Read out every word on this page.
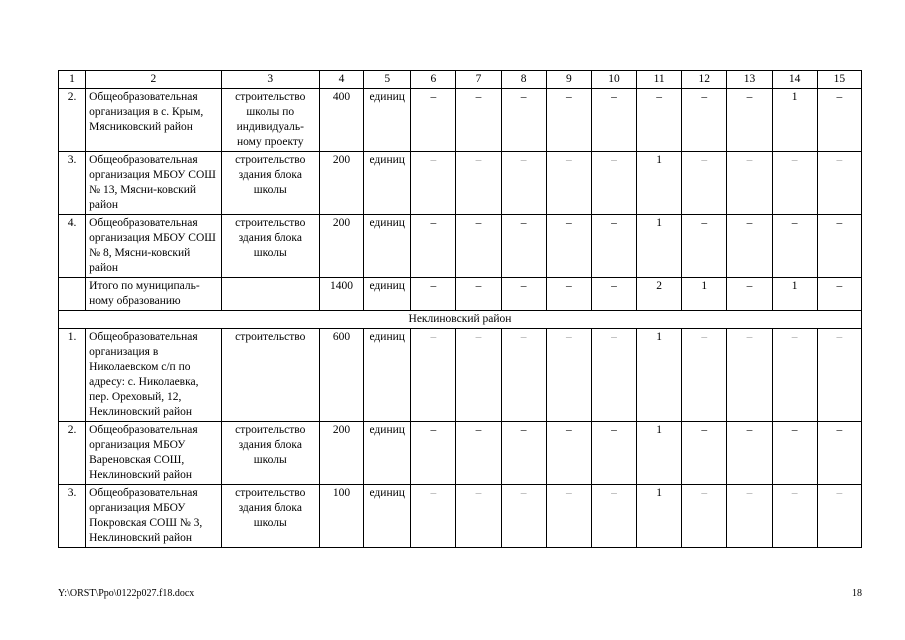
1	2	3	4	5	6	7	8	9	10	11	12	13	14	15
2.	Общеобразовательная организация в с. Крым, Мясниковский район	строительство школы по индивидуаль-ному проекту	400	единиц	–	–	–	–	–	–	–	–	1	–
3.	Общеобразовательная организация МБОУ СОШ № 13, Мясни-ковский район	строительство здания блока школы	200	единиц	–	–	–	–	–	1	–	–	–	–
4.	Общеобразовательная организация МБОУ СОШ № 8, Мясни-ковский район	строительство здания блока школы	200	единиц	–	–	–	–	–	1	–	–	–	–
	Итого по муниципаль-ному образованию		1400	единиц	–	–	–	–	–	2	1	–	1	–
Неклиновский район														
1.	Общеобразовательная организация в Николаевском с/п по адресу: с. Николаевка, пер. Ореховый, 12, Неклиновский район	строительство	600	единиц	–	–	–	–	–	1	–	–	–	–
2.	Общеобразовательная организация МБОУ Вареновская СОШ, Неклиновский район	строительство здания блока школы	200	единиц	–	–	–	–	–	1	–	–	–	–
3.	Общеобразовательная организация МБОУ Покровская СОШ № 3, Неклиновский район	строительство здания блока школы	100	единиц	–	–	–	–	–	1	–	–	–	–
Y:\ORST\Ppo\0122p027.f18.docx	18
